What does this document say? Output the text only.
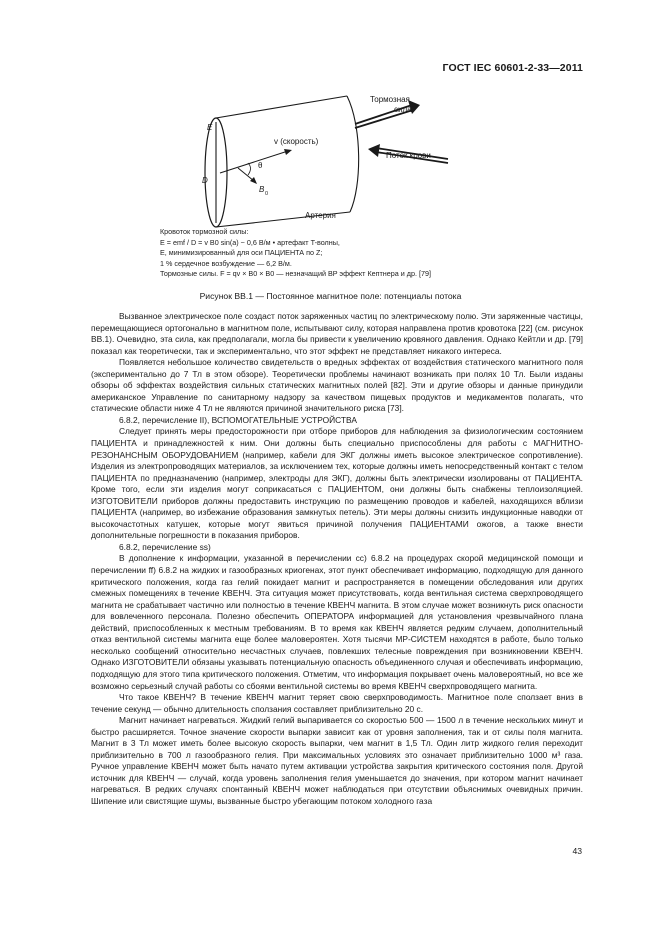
ГОСТ IEC 60601-2-33—2011
E
D
v (скорость)
θ
B 0
Тормозная
сила
Поток крови
Артерия
Кровоток тормозной силы:
E = emf / D = v B0 sin(a) ~ 0,6 В/м • артефакт T-волны,
E, минимизированный для оси ПАЦИЕНТА по Z;
1 % сердечное возбуждение — 6,2 В/м.
Тормозные силы. F = qv × B0 × B0 — незначащий BP эффект Кептнера и др. [79]
Рисунок ВВ.1 — Постоянное магнитное поле: потенциалы потока

Вызванное электрическое поле создаст поток заряженных частиц по электрическому полю. Эти заряженные частицы, перемещающиеся ортогонально в магнитном поле, испытывают силу, которая направлена против кровотока [22] (см. рисунок ВВ.1). Очевидно, эта сила, как предполагали, могла бы привести к увеличению кровяного давления. Однако Кейтли и др. [79] показал как теоретически, так и экспериментально, что этот эффект не представляет никакого интереса.

Появляется небольшое количество свидетельств о вредных эффектах от воздействия статического магнитного поля (экспериментально до 7 Тл в этом обзоре). Теоретически проблемы начинают возникать при полях 10 Тл. Были изданы обзоры об эффектах воздействия сильных статических магнитных полей [82]. Эти и другие обзоры и данные принудили американское Управление по санитарному надзору за качеством пищевых продуктов и медикаментов полагать, что статические области ниже 4 Тл не являются причиной значительного риска [73].

6.8.2, перечисление II), ВСПОМОГАТЕЛЬНЫЕ УСТРОЙСТВА

Следует принять меры предосторожности при отборе приборов для наблюдения за физиологическим состоянием ПАЦИЕНТА и принадлежностей к ним. Они должны быть специально приспособлены для работы с МАГНИТНО-РЕЗОНАНСНЫМ ОБОРУДОВАНИЕМ (например, кабели для ЭКГ должны иметь высокое электрическое сопротивление). Изделия из электропроводящих материалов, за исключением тех, которые должны иметь непосредственный контакт с телом ПАЦИЕНТА по предназначению (например, электроды для ЭКГ), должны быть электрически изолированы от ПАЦИЕНТА. Кроме того, если эти изделия могут соприкасаться с ПАЦИЕНТОМ, они должны быть снабжены теплоизоляцией. ИЗГОТОВИТЕЛИ приборов должны предоставить инструкцию по размещению проводов и кабелей, находящихся вблизи ПАЦИЕНТА (например, во избежание образования замкнутых петель). Эти меры должны снизить индукционные наводки от высокочастотных катушек, которые могут явиться причиной получения ПАЦИЕНТАМИ ожогов, а также внести дополнительные погрешности в показания приборов.

6.8.2, перечисление ss)

В дополнение к информации, указанной в перечислении cc) 6.8.2 на процедурах скорой медицинской помощи и перечислении ff) 6.8.2 на жидких и газообразных криогенах, этот пункт обеспечивает информацию, подходящую для данного критического положения, когда газ гелий покидает магнит и распространяется в помещении обследования или других смежных помещениях в течение КВЕНЧ. Эта ситуация может присутствовать, когда вентильная система сверхпроводящего магнита не срабатывает частично или полностью в течение КВЕНЧ магнита. В этом случае может возникнуть риск опасности для вовлеченного персонала. Полезно обеспечить ОПЕРАТОРА информацией для установления чрезвычайного плана действий, приспособленных к местным требованиям. В то время как КВЕНЧ является редким случаем, дополнительный отказ вентильной системы магнита еще более маловероятен. Хотя тысячи МР-СИСТЕМ находятся в работе, было только несколько сообщений относительно несчастных случаев, повлекших телесные повреждения при возникновении КВЕНЧ. Однако ИЗГОТОВИТЕЛИ обязаны указывать потенциальную опасность объединенного случая и обеспечивать информацию, подходящую для этого типа критического положения. Отметим, что информация покрывает очень маловероятный, но все же возможно серьезный случай работы со сбоями вентильной системы во время КВЕНЧ сверхпроводящего магнита.

Что такое КВЕНЧ? В течение КВЕНЧ магнит теряет свою сверхпроводимость. Магнитное поле сползает вниз в течение секунд — обычно длительность сползания составляет приблизительно 20 с.

Магнит начинает нагреваться. Жидкий гелий выпаривается со скоростью 500 — 1500 л в течение нескольких минут и быстро расширяется. Точное значение скорости выпарки зависит как от уровня заполнения, так и от силы поля магнита. Магнит в 3 Тл может иметь более высокую скорость выпарки, чем магнит в 1,5 Тл. Один литр жидкого гелия переходит приблизительно в 700 л газообразного гелия. При максимальных условиях это означает приблизительно 1000 м³ газа. Ручное управление КВЕНЧ может быть начато путем активации устройства закрытия критического состояния поля. Другой источник для КВЕНЧ — случай, когда уровень заполнения гелия уменьшается до значения, при котором магнит начинает нагреваться. В редких случаях спонтанный КВЕНЧ может наблюдаться при отсутствии объяснимых очевидных причин. Шипение или свистящие шумы, вызванные быстро убегающим потоком холодного газа

43
